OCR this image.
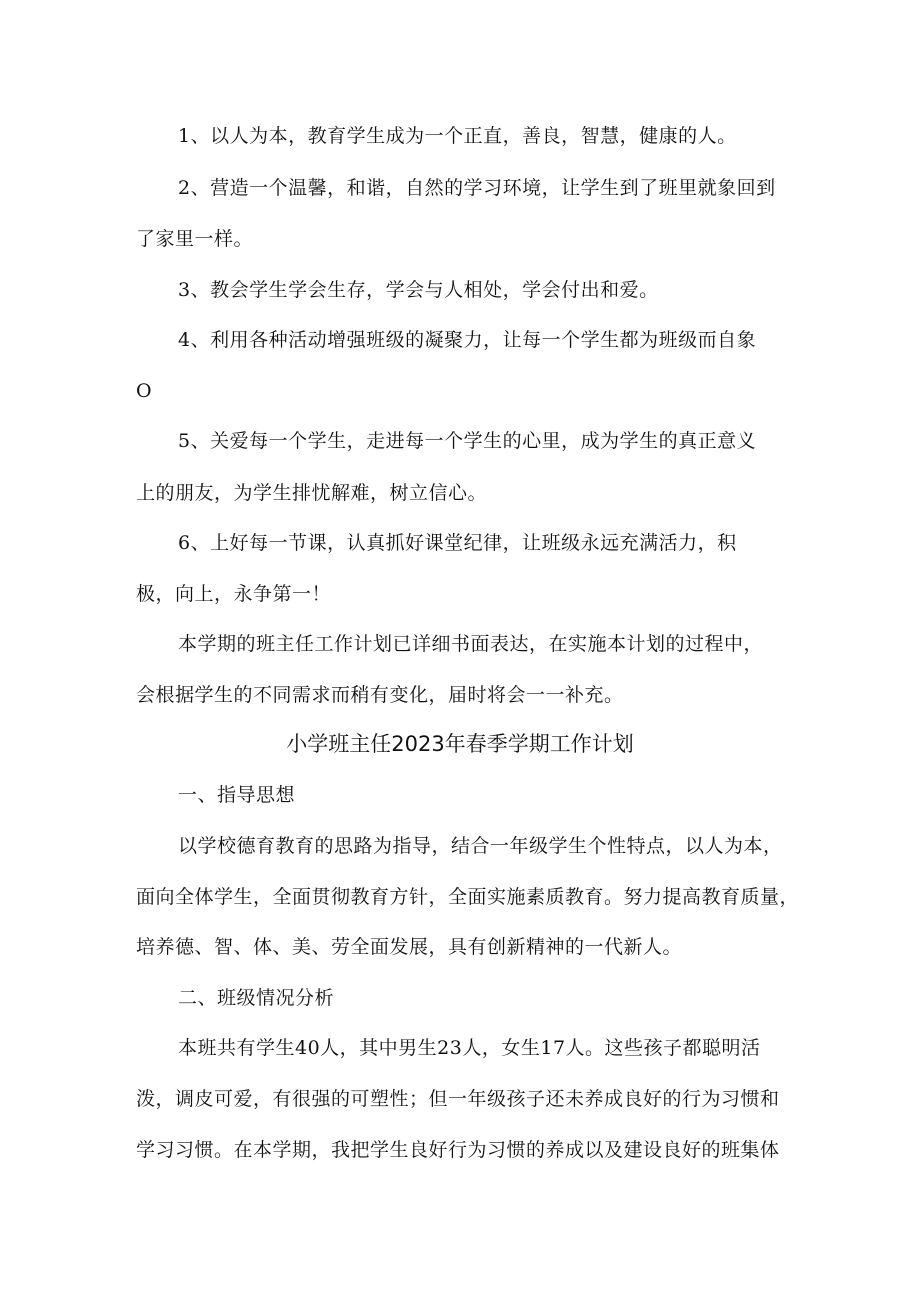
1、以人为本，教育学生成为一个正直，善良，智慧，健康的人。
2、营造一个温馨，和谐，自然的学习环境，让学生到了班里就象回到
了家里一样。
3、教会学生学会生存，学会与人相处，学会付出和爱。
4、利用各种活动增强班级的凝聚力，让每一个学生都为班级而自象
O
5、关爱每一个学生，走进每一个学生的心里，成为学生的真正意义
上的朋友，为学生排忧解难，树立信心。
6、上好每一节课，认真抓好课堂纪律，让班级永远充满活力，积
极，向上，永争第一！
本学期的班主任工作计划已详细书面表达，在实施本计划的过程中，
会根据学生的不同需求而稍有变化，届时将会一一补充。
小学班主任2023年春季学期工作计划
一、指导思想
以学校德育教育的思路为指导，结合一年级学生个性特点，以人为本，
面向全体学生，全面贯彻教育方针，全面实施素质教育。努力提高教育质量，
培养德、智、体、美、劳全面发展，具有创新精神的一代新人。
二、班级情况分析
本班共有学生40人，其中男生23人，女生17人。这些孩子都聪明活
泼，调皮可爱，有很强的可塑性；但一年级孩子还未养成良好的行为习惯和
学习习惯。在本学期，我把学生良好行为习惯的养成以及建设良好的班集体
